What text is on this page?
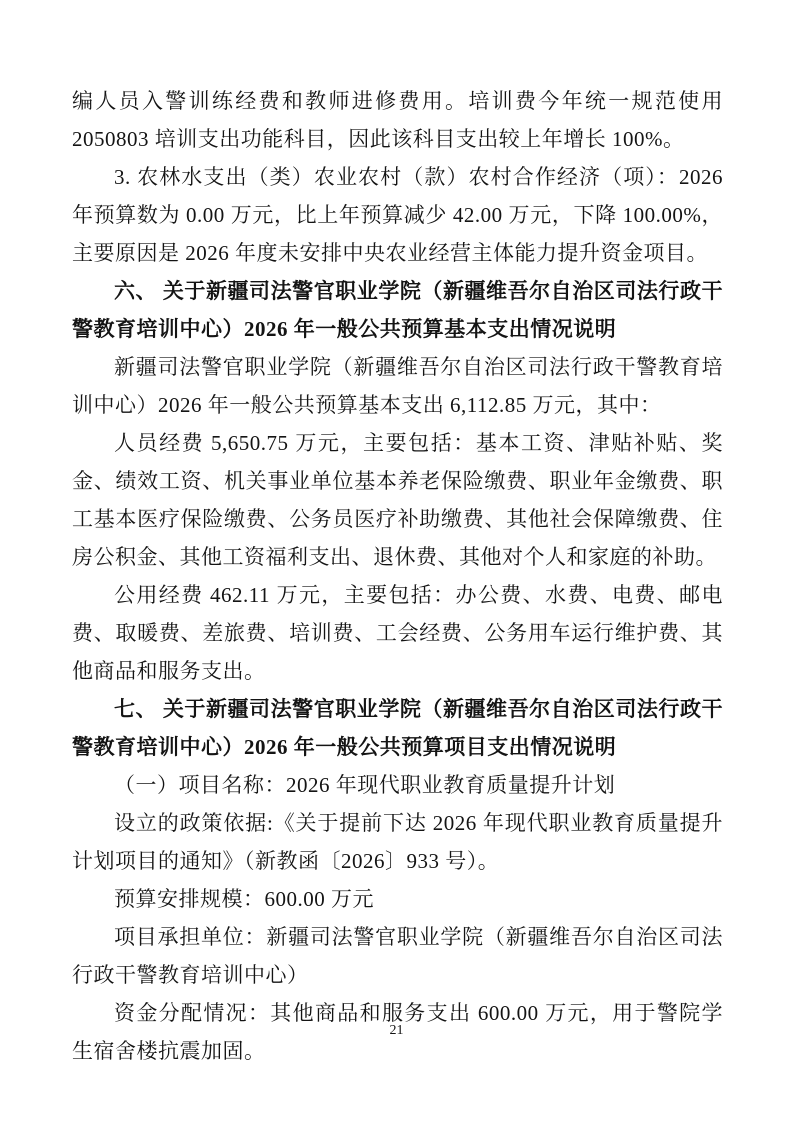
编人员入警训练经费和教师进修费用。培训费今年统一规范使用 2050803 培训支出功能科目，因此该科目支出较上年增长 100%。

3. 农林水支出（类）农业农村（款）农村合作经济（项）：2026 年预算数为 0.00 万元，比上年预算减少 42.00 万元，下降 100.00%，主要原因是 2026 年度未安排中央农业经营主体能力提升资金项目。

六、 关于新疆司法警官职业学院（新疆维吾尔自治区司法行政干警教育培训中心）2026 年一般公共预算基本支出情况说明

新疆司法警官职业学院（新疆维吾尔自治区司法行政干警教育培训中心）2026 年一般公共预算基本支出 6,112.85 万元，其中：

人员经费 5,650.75 万元，主要包括：基本工资、津贴补贴、奖金、绩效工资、机关事业单位基本养老保险缴费、职业年金缴费、职工基本医疗保险缴费、公务员医疗补助缴费、其他社会保障缴费、住房公积金、其他工资福利支出、退休费、其他对个人和家庭的补助。

公用经费 462.11 万元，主要包括：办公费、水费、电费、邮电费、取暖费、差旅费、培训费、工会经费、公务用车运行维护费、其他商品和服务支出。

七、 关于新疆司法警官职业学院（新疆维吾尔自治区司法行政干警教育培训中心）2026 年一般公共预算项目支出情况说明

（一）项目名称：2026 年现代职业教育质量提升计划

设立的政策依据:《关于提前下达 2026 年现代职业教育质量提升计划项目的通知》（新教函〔2026〕933 号）。

预算安排规模：600.00 万元

项目承担单位：新疆司法警官职业学院（新疆维吾尔自治区司法行政干警教育培训中心）

资金分配情况：其他商品和服务支出 600.00 万元，用于警院学生宿舍楼抗震加固。

21
